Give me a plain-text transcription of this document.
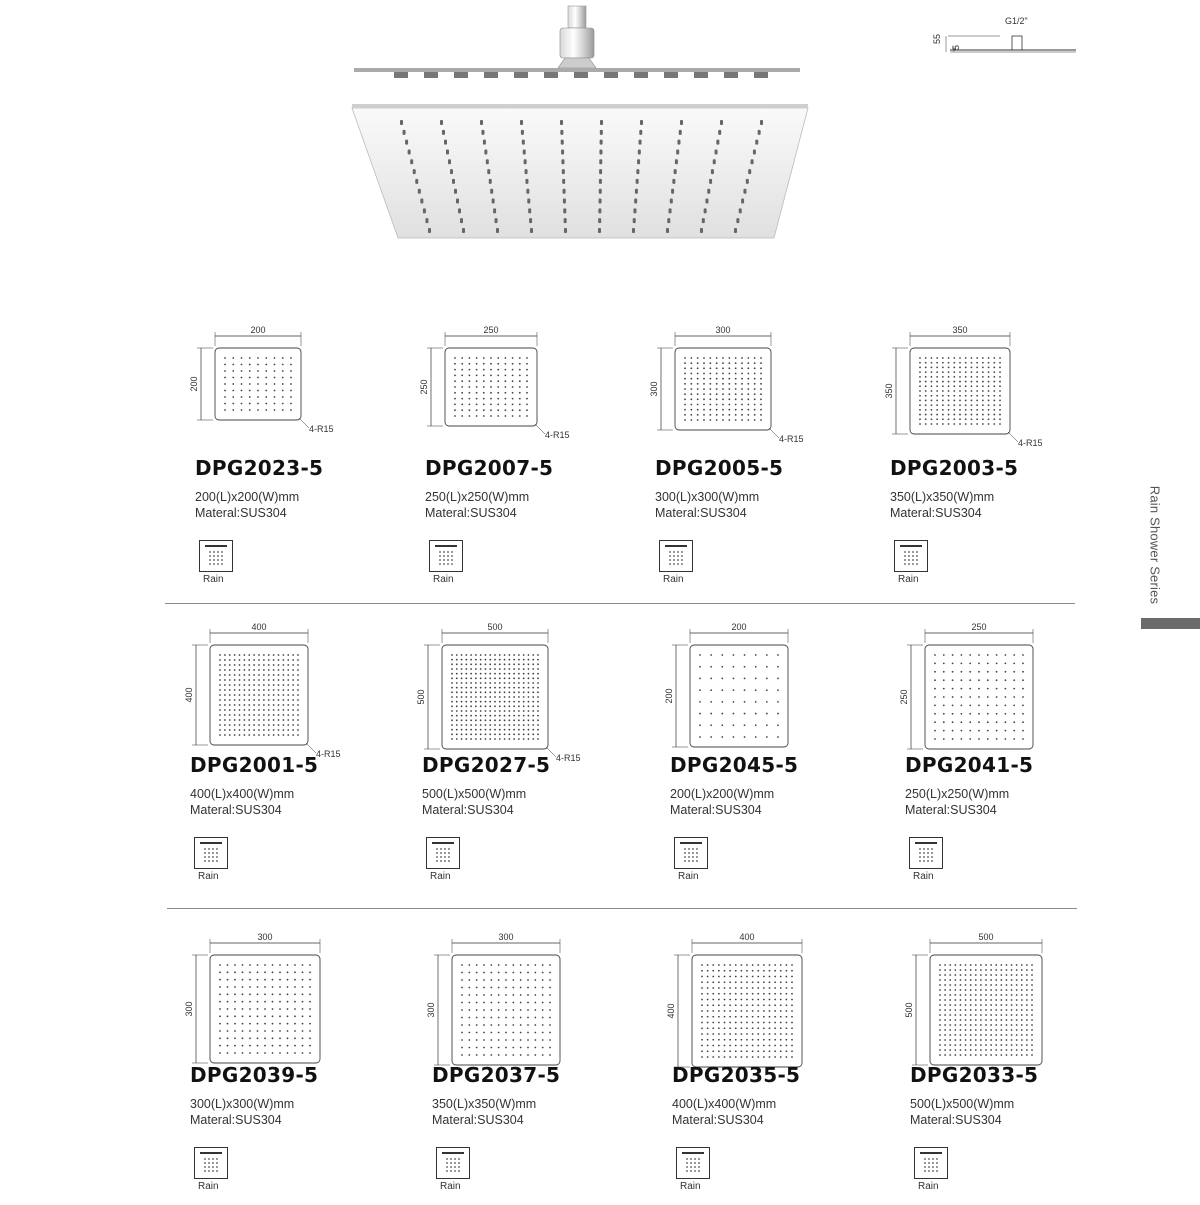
55
5
G1/2"
Rain Shower Series
200
200
4-R15
DPG2023-5
200(L)x200(W)mm
Materal:SUS304
Rain
250
250
4-R15
DPG2007-5
250(L)x250(W)mm
Materal:SUS304
Rain
300
300
4-R15
DPG2005-5
300(L)x300(W)mm
Materal:SUS304
Rain
350
350
4-R15
DPG2003-5
350(L)x350(W)mm
Materal:SUS304
Rain
400
400
4-R15
DPG2001-5
400(L)x400(W)mm
Materal:SUS304
Rain
500
500
4-R15
DPG2027-5
500(L)x500(W)mm
Materal:SUS304
Rain
200
200
DPG2045-5
200(L)x200(W)mm
Materal:SUS304
Rain
250
250
DPG2041-5
250(L)x250(W)mm
Materal:SUS304
Rain
300
300
DPG2039-5
300(L)x300(W)mm
Materal:SUS304
Rain
300
300
DPG2037-5
350(L)x350(W)mm
Materal:SUS304
Rain
400
400
DPG2035-5
400(L)x400(W)mm
Materal:SUS304
Rain
500
500
DPG2033-5
500(L)x500(W)mm
Materal:SUS304
Rain
